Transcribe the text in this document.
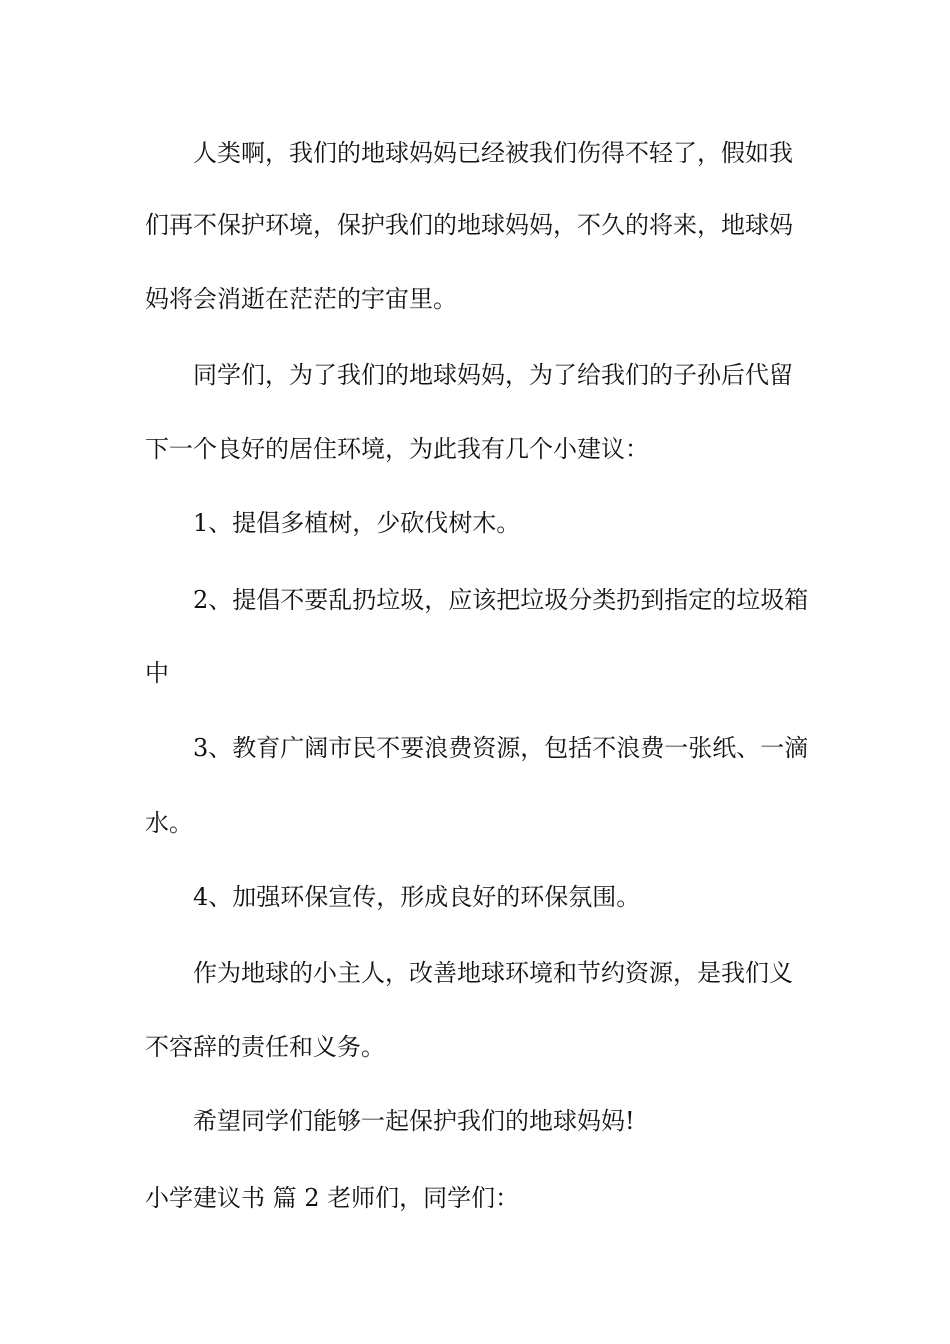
人类啊，我们的地球妈妈已经被我们伤得不轻了，假如我
们再不保护环境，保护我们的地球妈妈，不久的将来，地球妈
妈将会消逝在茫茫的宇宙里。
同学们，为了我们的地球妈妈，为了给我们的子孙后代留
下一个良好的居住环境，为此我有几个小建议：
1、提倡多植树，少砍伐树木。
2、提倡不要乱扔垃圾，应该把垃圾分类扔到指定的垃圾箱
中
3、教育广阔市民不要浪费资源，包括不浪费一张纸、一滴
水。
4、加强环保宣传，形成良好的环保氛围。
作为地球的小主人，改善地球环境和节约资源，是我们义
不容辞的责任和义务。
希望同学们能够一起保护我们的地球妈妈!
小学建议书 篇 2 老师们，同学们：
